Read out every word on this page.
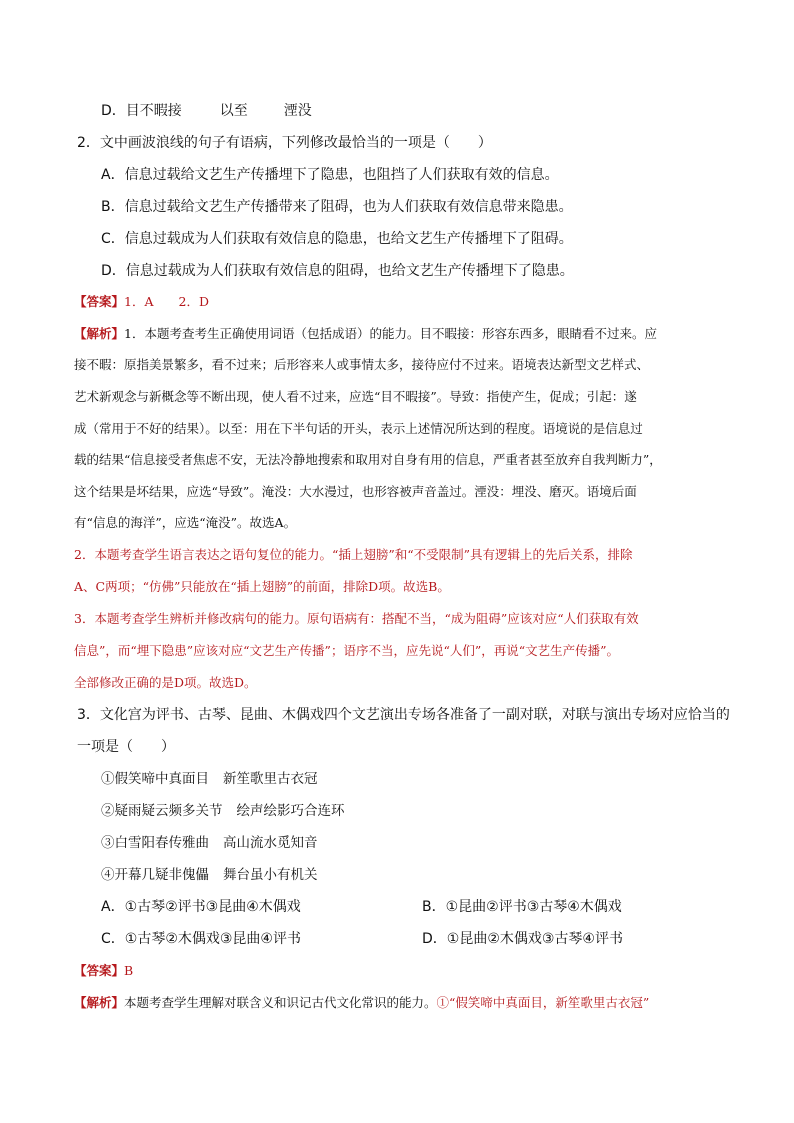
D．目不暇接	以至	湮没
2．文中画波浪线的句子有语病，下列修改最恰当的一项是（　　）
A．信息过载给文艺生产传播埋下了隐患，也阻挡了人们获取有效的信息。
B．信息过载给文艺生产传播带来了阻碍，也为人们获取有效信息带来隐患。
C．信息过载成为人们获取有效信息的隐患，也给文艺生产传播埋下了阻碍。
D．信息过载成为人们获取有效信息的阻碍，也给文艺生产传播埋下了隐患。
【答案】1．A　　2．D
【解析】1．本题考查考生正确使用词语（包括成语）的能力。目不暇接：形容东西多，眼睛看不过来。应
接不暇：原指美景繁多，看不过来；后形容来人或事情太多，接待应付不过来。语境表达新型文艺样式、
艺术新观念与新概念等不断出现，使人看不过来，应选“目不暇接”。导致：指使产生，促成；引起：遂
成（常用于不好的结果）。以至：用在下半句话的开头，表示上述情况所达到的程度。语境说的是信息过
载的结果“信息接受者焦虑不安，无法冷静地搜索和取用对自身有用的信息，严重者甚至放弃自我判断力”，
这个结果是坏结果，应选“导致”。淹没：大水漫过，也形容被声音盖过。湮没：埋没、磨灭。语境后面
有“信息的海洋”，应选“淹没”。故选A。
2．本题考查学生语言表达之语句复位的能力。“插上翅膀”和“不受限制”具有逻辑上的先后关系，排除
A、C两项；“仿佛”只能放在“插上翅膀”的前面，排除D项。故选B。
3．本题考查学生辨析并修改病句的能力。原句语病有：搭配不当，“成为阻碍”应该对应“人们获取有效
信息”，而“埋下隐患”应该对应“文艺生产传播”；语序不当，应先说“人们”，再说“文艺生产传播”。
全部修改正确的是D项。故选D。
3．文化宫为评书、古琴、昆曲、木偶戏四个文艺演出专场各准备了一副对联，对联与演出专场对应恰当的
一项是（　　）
①假笑啼中真面目 新笙歌里古衣冠
②疑雨疑云频多关节 绘声绘影巧合连环
③白雪阳春传雅曲 高山流水觅知音
④开幕几疑非傀儡 舞台虽小有机关
A．①古琴②评书③昆曲④木偶戏	B．①昆曲②评书③古琴④木偶戏
C．①古琴②木偶戏③昆曲④评书	D．①昆曲②木偶戏③古琴④评书
【答案】B
【解析】本题考查学生理解对联含义和识记古代文化常识的能力。①“假笑啼中真面目，新笙歌里古衣冠”
